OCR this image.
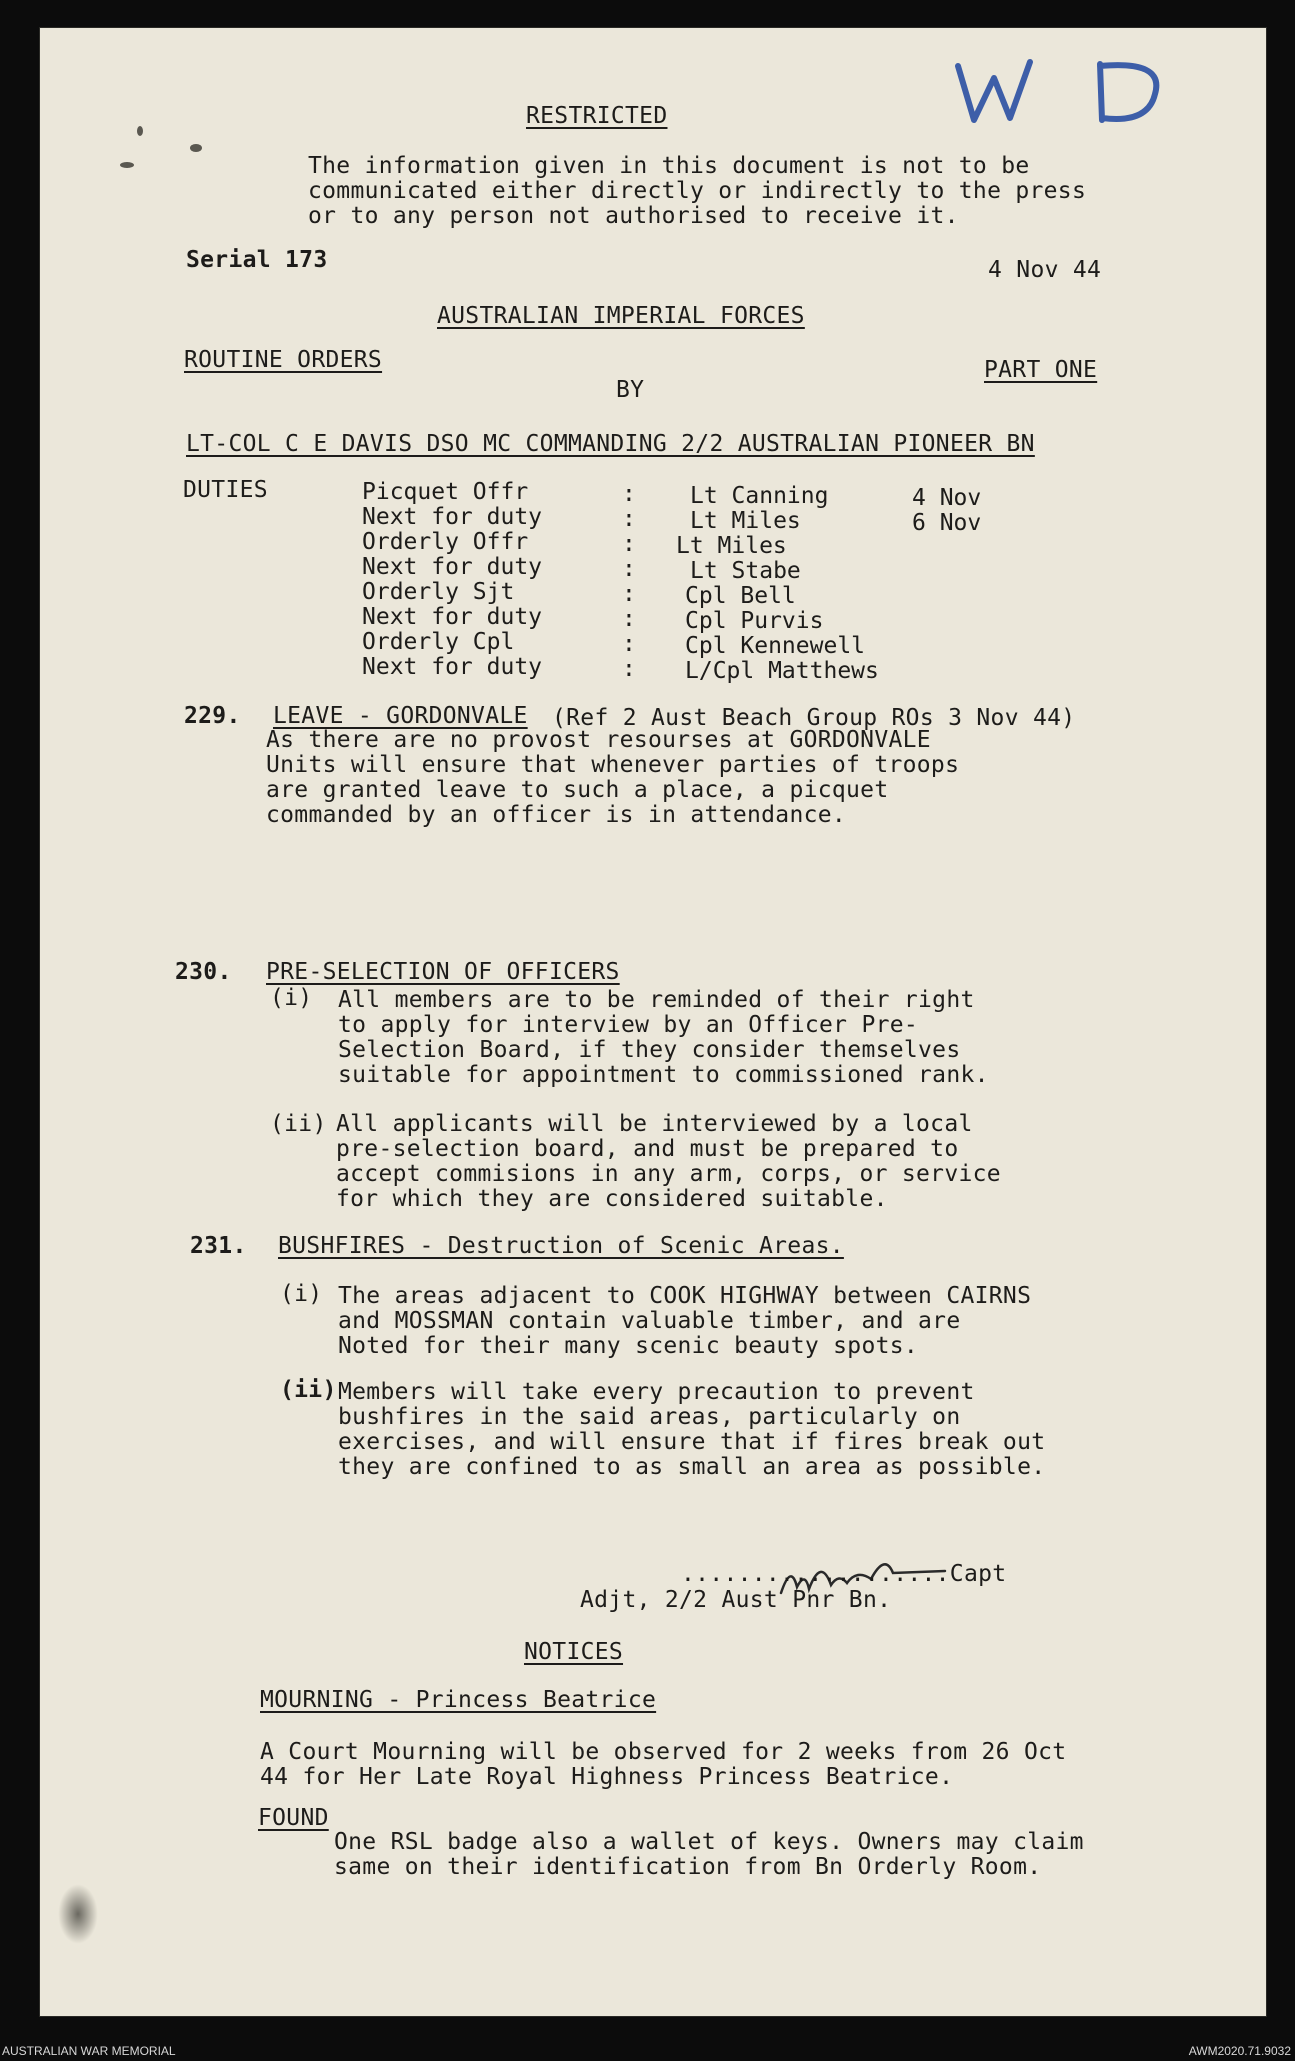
RESTRICTED
The information given in this document is not to be
communicated either directly or indirectly to the press
or to any person not authorised to receive it.
Serial 173	4 Nov 44
AUSTRALIAN IMPERIAL FORCES
ROUTINE ORDERS	PART ONE
BY
LT-COL C E DAVIS DSO MC COMMANDING 2/2 AUSTRALIAN PIONEER BN
DUTIES	Picquet Offr	: Lt Canning	4 Nov
Next for duty	: Lt Miles	6 Nov
Orderly Offr	: Lt Miles
Next for duty	: Lt Stabe
Orderly Sjt	: Cpl Bell
Next for duty	: Cpl Purvis
Orderly Cpl	: Cpl Kennewell
Next for duty	: L/Cpl Matthews
229. LEAVE - GORDONVALE (Ref 2 Aust Beach Group ROs 3 Nov 44)
As there are no provost resourses at GORDONVALE
Units will ensure that whenever parties of troops
are granted leave to such a place, a picquet
commanded by an officer is in attendance.
230. PRE-SELECTION OF OFFICERS
(i) All members are to be reminded of their right
to apply for interview by an Officer Pre-
Selection Board, if they consider themselves
suitable for appointment to commissioned rank.
(ii) All applicants will be interviewed by a local
pre-selection board, and must be prepared to
accept commisions in any arm, corps, or service
for which they are considered suitable.
231. BUSHFIRES - Destruction of Scenic Areas.
(i) The areas adjacent to COOK HIGHWAY between CAIRNS
and MOSSMAN contain valuable timber, and are
Noted for their many scenic beauty spots.
(ii) Members will take every precaution to prevent
bushfires in the said areas, particularly on
exercises, and will ensure that if fires break out
they are confined to as small an area as possible.
...................Capt
Adjt, 2/2 Aust Pnr Bn.
NOTICES
MOURNING - Princess Beatrice
A Court Mourning will be observed for 2 weeks from 26 Oct
44 for Her Late Royal Highness Princess Beatrice.
FOUND
One RSL badge also a wallet of keys. Owners may claim
same on their identification from Bn Orderly Room.
AUSTRALIAN WAR MEMORIAL	AWM2020.71.9032
